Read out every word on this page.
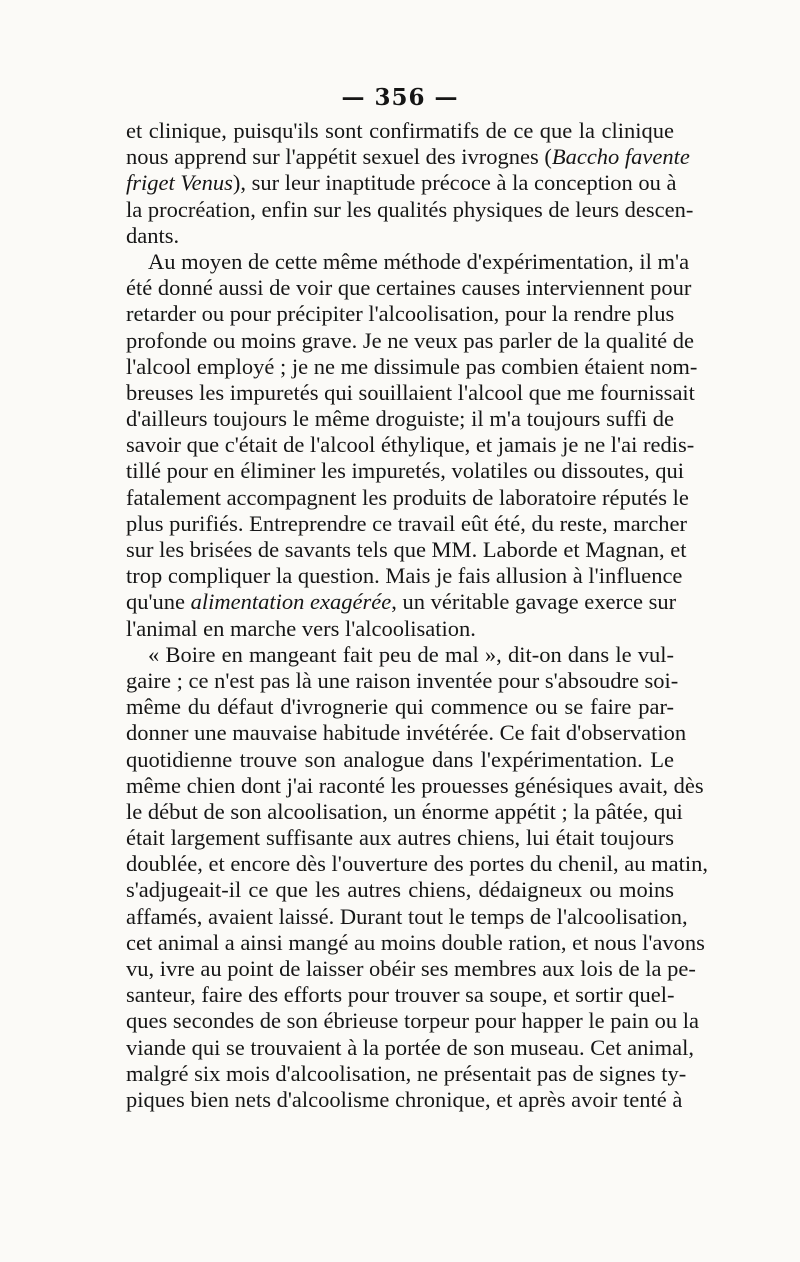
— 356 —
et clinique, puisqu'ils sont confirmatifs de ce que la clinique
nous apprend sur l'appétit sexuel des ivrognes (Baccho favente
friget Venus), sur leur inaptitude précoce à la conception ou à
la procréation, enfin sur les qualités physiques de leurs descen-
dants.
Au moyen de cette même méthode d'expérimentation, il m'a
été donné aussi de voir que certaines causes interviennent pour
retarder ou pour précipiter l'alcoolisation, pour la rendre plus
profonde ou moins grave. Je ne veux pas parler de la qualité de
l'alcool employé ; je ne me dissimule pas combien étaient nom-
breuses les impuretés qui souillaient l'alcool que me fournissait
d'ailleurs toujours le même droguiste; il m'a toujours suffi de
savoir que c'était de l'alcool éthylique, et jamais je ne l'ai redis-
tillé pour en éliminer les impuretés, volatiles ou dissoutes, qui
fatalement accompagnent les produits de laboratoire réputés le
plus purifiés. Entreprendre ce travail eût été, du reste, marcher
sur les brisées de savants tels que MM. Laborde et Magnan, et
trop compliquer la question. Mais je fais allusion à l'influence
qu'une alimentation exagérée, un véritable gavage exerce sur
l'animal en marche vers l'alcoolisation.
« Boire en mangeant fait peu de mal », dit-on dans le vul-
gaire ; ce n'est pas là une raison inventée pour s'absoudre soi-
même du défaut d'ivrognerie qui commence ou se faire par-
donner une mauvaise habitude invétérée. Ce fait d'observation
quotidienne trouve son analogue dans l'expérimentation. Le
même chien dont j'ai raconté les prouesses génésiques avait, dès
le début de son alcoolisation, un énorme appétit ; la pâtée, qui
était largement suffisante aux autres chiens, lui était toujours
doublée, et encore dès l'ouverture des portes du chenil, au matin,
s'adjugeait-il ce que les autres chiens, dédaigneux ou moins
affamés, avaient laissé. Durant tout le temps de l'alcoolisation,
cet animal a ainsi mangé au moins double ration, et nous l'avons
vu, ivre au point de laisser obéir ses membres aux lois de la pe-
santeur, faire des efforts pour trouver sa soupe, et sortir quel-
ques secondes de son ébrieuse torpeur pour happer le pain ou la
viande qui se trouvaient à la portée de son museau. Cet animal,
malgré six mois d'alcoolisation, ne présentait pas de signes ty-
piques bien nets d'alcoolisme chronique, et après avoir tenté à
